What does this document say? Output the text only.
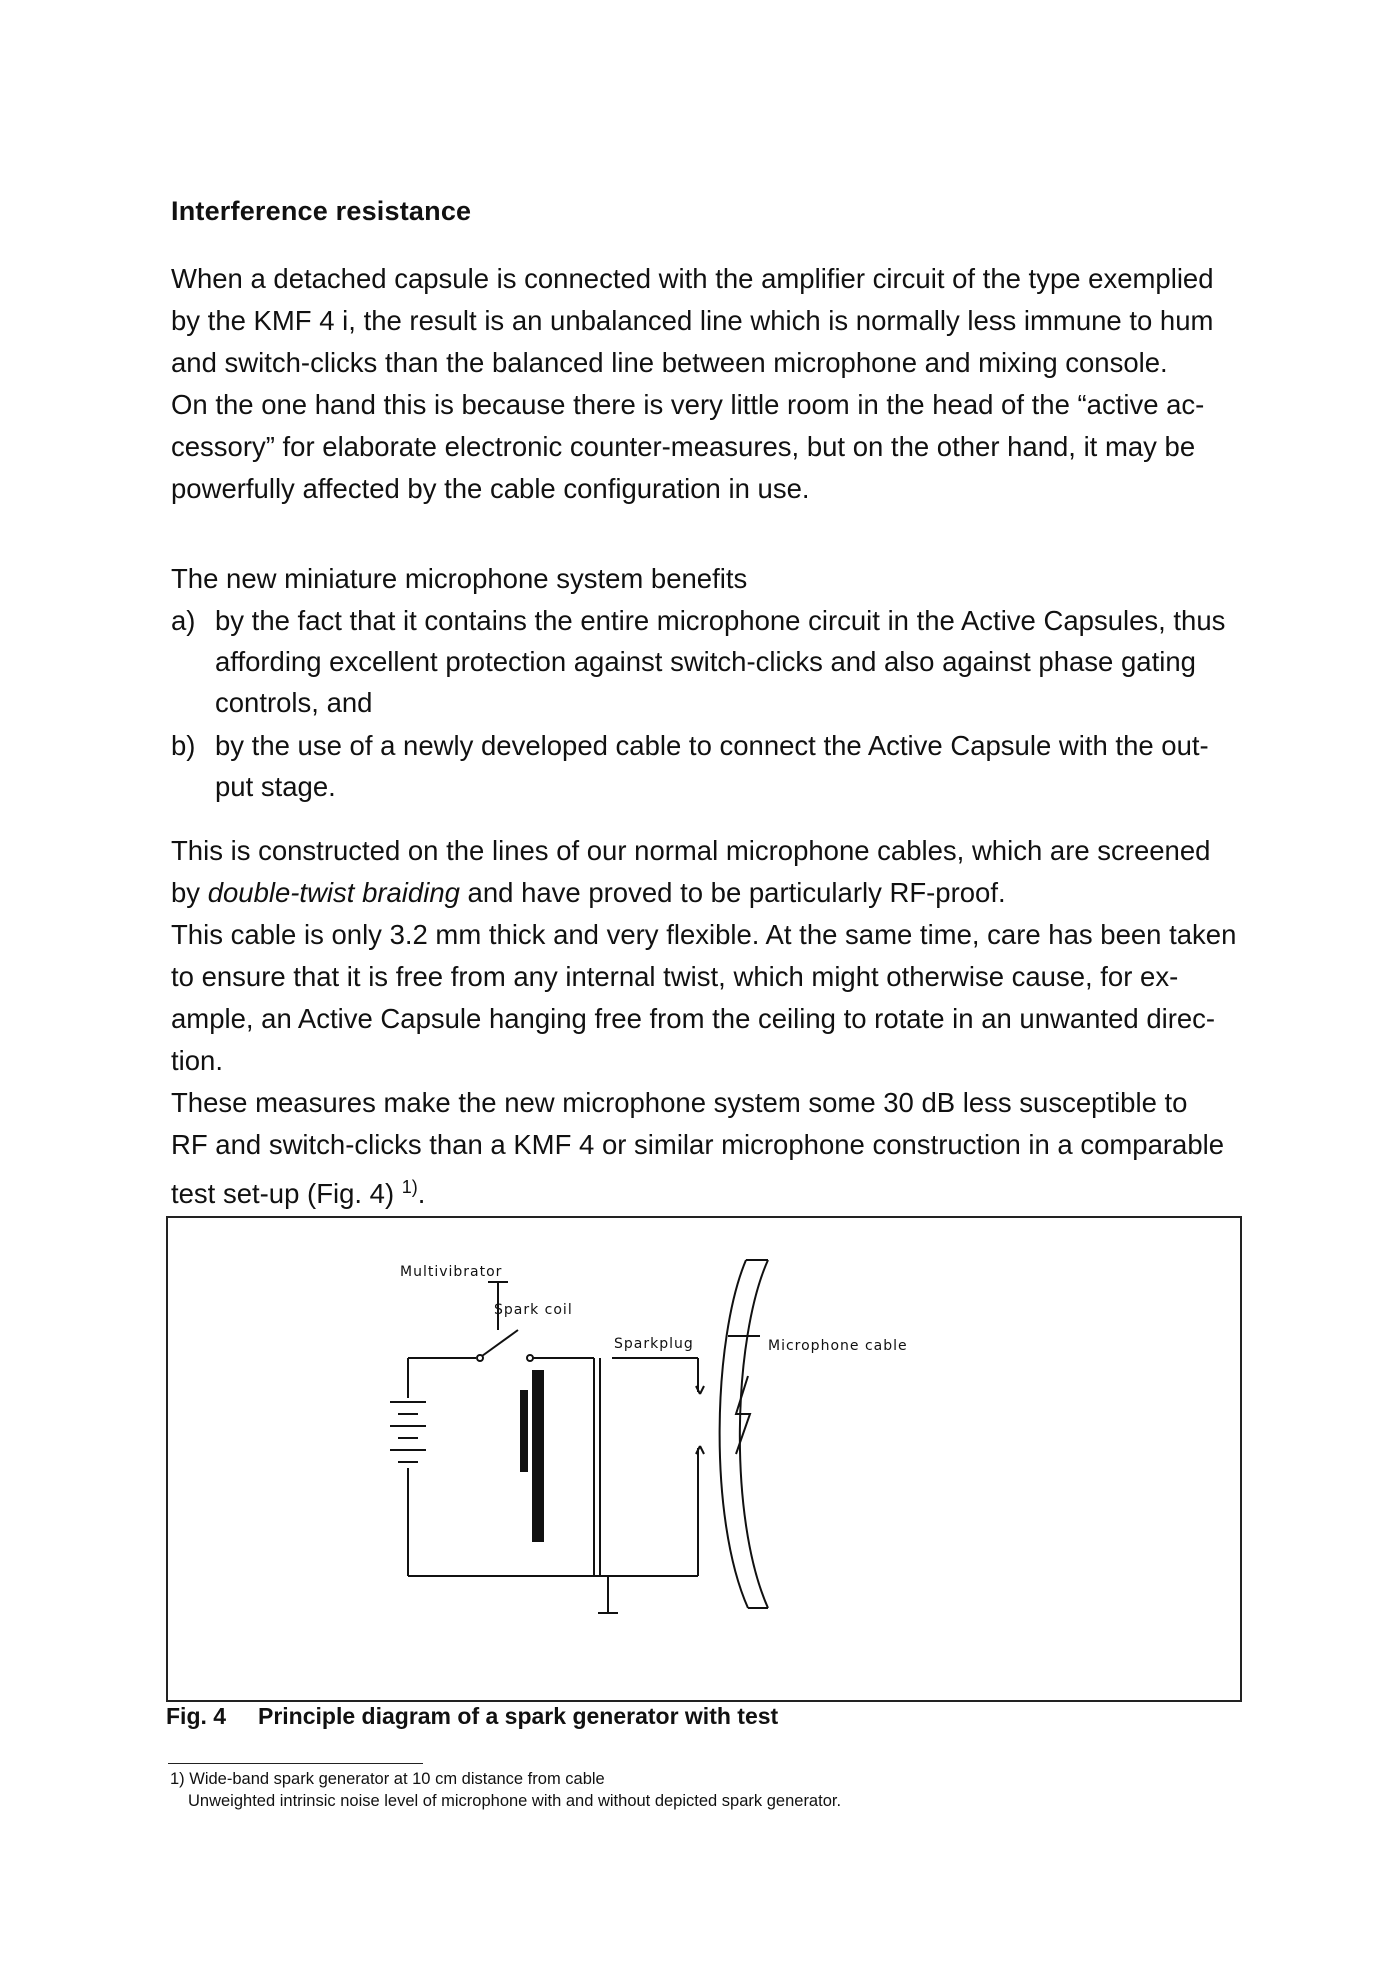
Interference resistance
When a detached capsule is connected with the amplifier circuit of the type exemplied
by the KMF 4 i, the result is an unbalanced line which is normally less immune to hum
and switch-clicks than the balanced line between microphone and mixing console.
On the one hand this is because there is very little room in the head of the “active ac-
cessory” for elaborate electronic counter-measures, but on the other hand, it may be
powerfully affected by the cable configuration in use.
The new miniature microphone system benefits
a) by the fact that it contains the entire microphone circuit in the Active Capsules, thus affording excellent protection against switch-clicks and also against phase gating controls, and
b) by the use of a newly developed cable to connect the Active Capsule with the out-put stage.
This is constructed on the lines of our normal microphone cables, which are screened
by double-twist braiding and have proved to be particularly RF-proof.
This cable is only 3.2 mm thick and very flexible. At the same time, care has been taken
to ensure that it is free from any internal twist, which might otherwise cause, for ex-
ample, an Active Capsule hanging free from the ceiling to rotate in an unwanted direc-
tion.
These measures make the new microphone system some 30 dB less susceptible to
RF and switch-clicks than a KMF 4 or similar microphone construction in a comparable
test set-up (Fig. 4) $^{1)}$.
Multivibrator
Spark coil
Sparkplug	Microphone cable
Fig. 4 Principle diagram of a spark generator with test
1) Wide-band spark generator at 10 cm distance from cable
Unweighted intrinsic noise level of microphone with and without depicted spark generator.
